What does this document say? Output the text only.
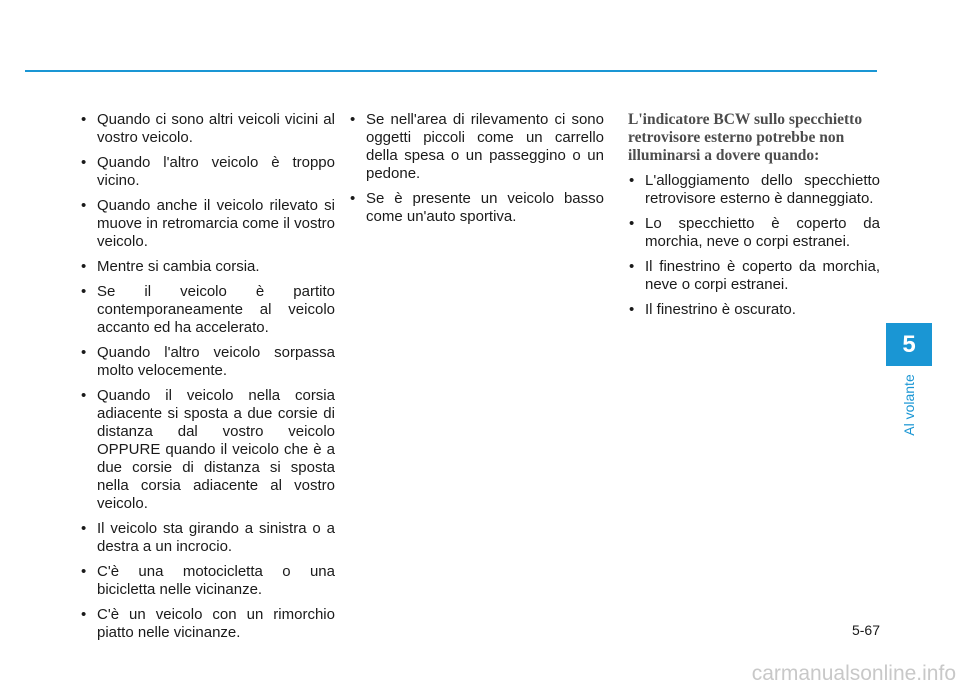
• Quando ci sono altri veicoli vicini al vostro veicolo.
• Quando l'altro veicolo è troppo vicino.
• Quando anche il veicolo rilevato si muove in retromarcia come il vostro veicolo.
• Mentre si cambia corsia.
• Se il veicolo è partito contemporaneamente al veicolo accanto ed ha accelerato.
• Quando l'altro veicolo sorpassa molto velocemente.
• Quando il veicolo nella corsia adiacente si sposta a due corsie di distanza dal vostro veicolo OPPURE quando il veicolo che è a due corsie di distanza si sposta nella corsia adiacente al vostro veicolo.
• Il veicolo sta girando a sinistra o a destra a un incrocio.
• C'è una motocicletta o una bicicletta nelle vicinanze.
• C'è un veicolo con un rimorchio piatto nelle vicinanze.
• Se nell'area di rilevamento ci sono oggetti piccoli come un carrello della spesa o un passeggino o un pedone.
• Se è presente un veicolo basso come un'auto sportiva.
L'indicatore BCW sullo specchietto retrovisore esterno potrebbe non illuminarsi a dovere quando:
• L'alloggiamento dello specchietto retrovisore esterno è danneggiato.
• Lo specchietto è coperto da morchia, neve o corpi estranei.
• Il finestrino è coperto da morchia, neve o corpi estranei.
• Il finestrino è oscurato.
5
Al volante
5-67
carmanualsonline.info
